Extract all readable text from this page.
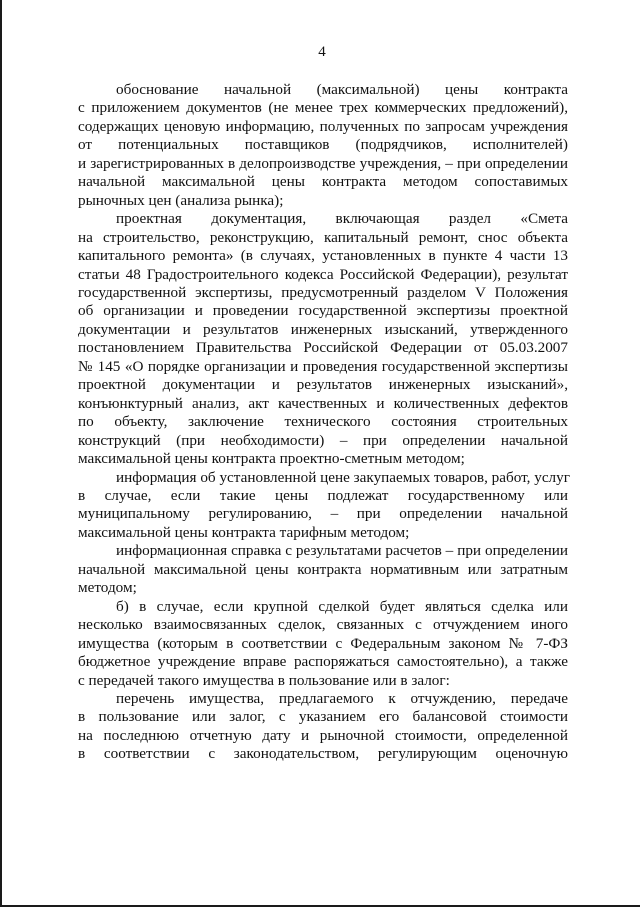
4
обоснование начальной (максимальной) цены контракта
с приложением документов (не менее трех коммерческих предложений),
содержащих ценовую информацию, полученных по запросам учреждения
от потенциальных поставщиков (подрядчиков, исполнителей)
и зарегистрированных в делопроизводстве учреждения, – при определении
начальной максимальной цены контракта методом сопоставимых
рыночных цен (анализа рынка);
проектная документация, включающая раздел «Смета
на строительство, реконструкцию, капитальный ремонт, снос объекта
капитального ремонта» (в случаях, установленных в пункте 4 части 13
статьи 48 Градостроительного кодекса Российской Федерации), результат
государственной экспертизы, предусмотренный разделом V Положения
об организации и проведении государственной экспертизы проектной
документации и результатов инженерных изысканий, утвержденного
постановлением Правительства Российской Федерации от 05.03.2007
№ 145 «О порядке организации и проведения государственной экспертизы
проектной документации и результатов инженерных изысканий»,
конъюнктурный анализ, акт качественных и количественных дефектов
по объекту, заключение технического состояния строительных
конструкций (при необходимости) – при определении начальной
максимальной цены контракта проектно-сметным методом;
информация об установленной цене закупаемых товаров, работ, услуг
в случае, если такие цены подлежат государственному или
муниципальному регулированию, – при определении начальной
максимальной цены контракта тарифным методом;
информационная справка с результатами расчетов – при определении
начальной максимальной цены контракта нормативным или затратным
методом;
б) в случае, если крупной сделкой будет являться сделка или
несколько взаимосвязанных сделок, связанных с отчуждением иного
имущества (которым в соответствии с Федеральным законом № 7-ФЗ
бюджетное учреждение вправе распоряжаться самостоятельно), а также
с передачей такого имущества в пользование или в залог:
перечень имущества, предлагаемого к отчуждению, передаче
в пользование или залог, с указанием его балансовой стоимости
на последнюю отчетную дату и рыночной стоимости, определенной
в соответствии с законодательством, регулирующим оценочную
